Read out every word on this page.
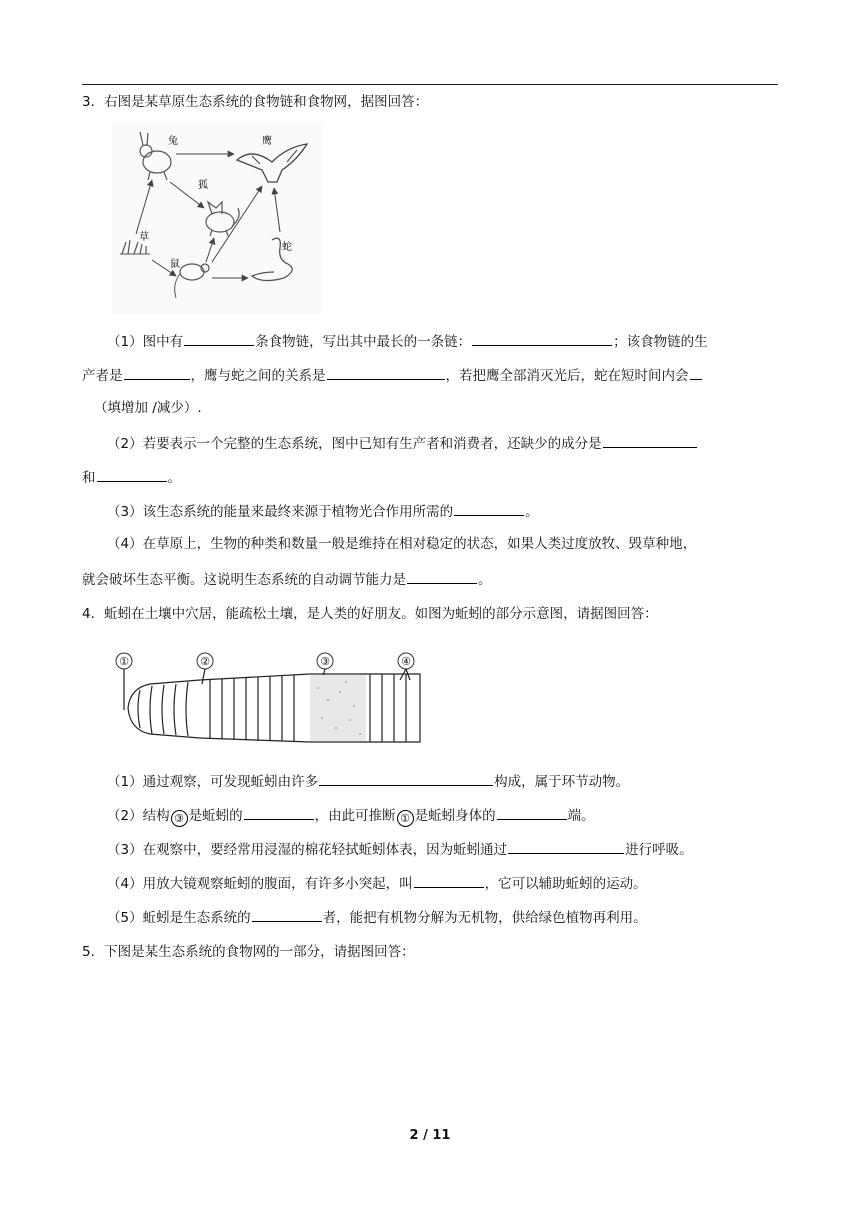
3．右图是某草原生态系统的食物链和食物网，据图回答：
兔	鹰
狐
草
鼠
蛇
（1）图中有	条食物链，写出其中最长的一条链：	；该食物链的生
产者是	，鹰与蛇之间的关系是	，若把鹰全部消灭光后，蛇在短时间内会
（填增加 /减少）.
（2）若要表示一个完整的生态系统，图中已知有生产者和消费者，还缺少的成分是
和	。
（3）该生态系统的能量来最终来源于植物光合作用所需的	。
（4）在草原上，生物的种类和数量一般是维持在相对稳定的状态，如果人类过度放牧、毁草种地，
就会破坏生态平衡。这说明生态系统的自动调节能力是	。
4．蚯蚓在土壤中穴居，能疏松土壤，是人类的好朋友。如图为蚯蚓的部分示意图，请据图回答：
①	②	③	④
（1）通过观察，可发现蚯蚓由许多	构成，属于环节动物。
（2）结构 ③ 是蚯蚓的	，由此可推断 ① 是蚯蚓身体的	端。
（3）在观察中，要经常用浸湿的棉花轻拭蚯蚓体表，因为蚯蚓通过	进行呼吸。
（4）用放大镜观察蚯蚓的腹面，有许多小突起，叫	，它可以辅助蚯蚓的运动。
（5）蚯蚓是生态系统的	者，能把有机物分解为无机物，供给绿色植物再利用。
5．下图是某生态系统的食物网的一部分，请据图回答：
2 / 11
